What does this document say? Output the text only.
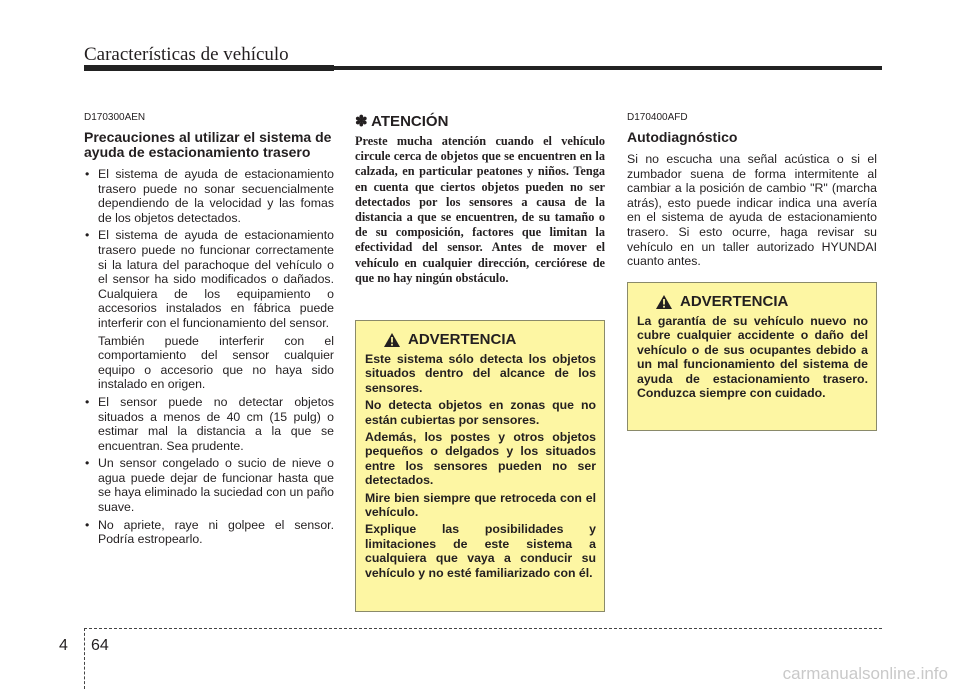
Características de vehículo
D170300AEN
Precauciones al utilizar el sistema de ayuda de estacionamiento trasero
• El sistema de ayuda de estacionamiento trasero puede no sonar secuencialmente dependiendo de la velocidad y las fomas de los objetos detectados.
• El sistema de ayuda de estacionamiento trasero puede no funcionar correctamente si la latura del parachoque del vehículo o el sensor ha sido modificados o dañados. Cualquiera de los equipamiento o accesorios instalados en fábrica puede interferir con el funcionamiento del sensor.

También puede interferir con el comportamiento del sensor cualquier equipo o accesorio que no haya sido instalado en origen.

• El sensor puede no detectar objetos situados a menos de 40 cm (15 pulg) o estimar mal la distancia a la que se encuentran. Sea prudente.
• Un sensor congelado o sucio de nieve o agua puede dejar de funcionar hasta que se haya eliminado la suciedad con un paño suave.
• No apriete, raye ni golpee el sensor. Podría estropearlo.
✽ ATENCIÓN

Preste mucha atención cuando el vehículo circule cerca de objetos que se encuentren en la calzada, en particular peatones y niños. Tenga en cuenta que ciertos objetos pueden no ser detectados por los sensores a causa de la distancia a que se encuentren, de su tamaño o de su composición, factores que limitan la efectividad del sensor. Antes de mover el vehículo en cualquier dirección, cerciórese de que no hay ningún obstáculo.

ADVERTENCIA

Este sistema sólo detecta los objetos situados dentro del alcance de los sensores.

No detecta objetos en zonas que no están cubiertas por sensores.

Además, los postes y otros objetos pequeños o delgados y los situados entre los sensores pueden no ser detectados.

Mire bien siempre que retroceda con el vehículo.

Explique las posibilidades y limitaciones de este sistema a cualquiera que vaya a conducir su vehículo y no esté familiarizado con él.

D170400AFD
Autodiagnóstico

Si no escucha una señal acústica o si el zumbador suena de forma intermitente al cambiar a la posición de cambio "R" (marcha atrás), esto puede indicar indica una avería en el sistema de ayuda de estacionamiento trasero. Si esto ocurre, haga revisar su vehículo en un taller autorizado HYUNDAI cuanto antes.

ADVERTENCIA

La garantía de su vehículo nuevo no cubre cualquier accidente o daño del vehículo o de sus ocupantes debido a un mal funcionamiento del sistema de ayuda de estacionamiento trasero. Conduzca siempre con cuidado.

4 64
carmanualsonline.info
